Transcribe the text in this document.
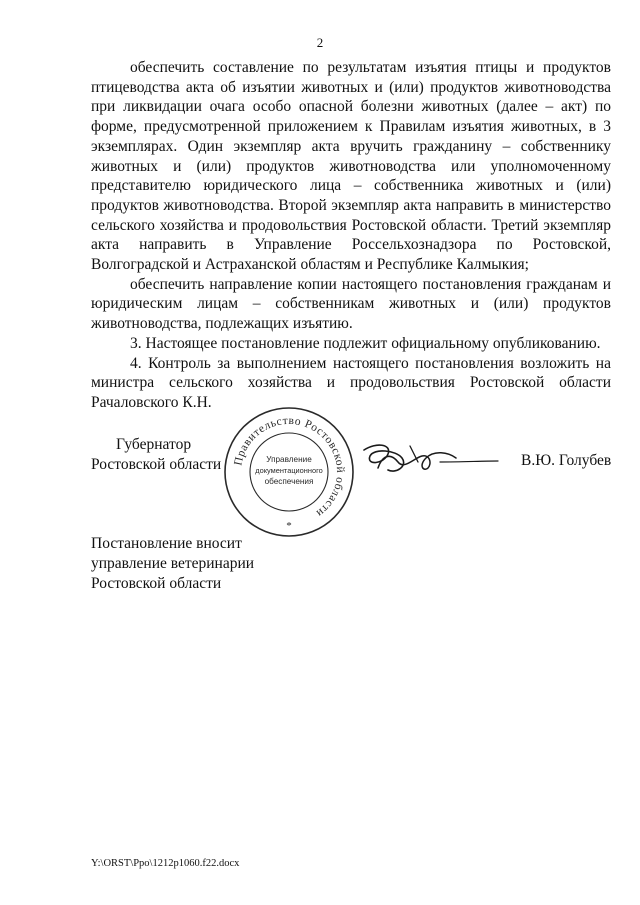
2

обеспечить составление по результатам изъятия птицы и продуктов птицеводства акта об изъятии животных и (или) продуктов животноводства при ликвидации очага особо опасной болезни животных (далее – акт) по форме, предусмотренной приложением к Правилам изъятия животных, в 3 экземплярах. Один экземпляр акта вручить гражданину – собственнику животных и (или) продуктов животноводства или уполномоченному представителю юридического лица – собственника животных и (или) продуктов животноводства. Второй экземпляр акта направить в министерство сельского хозяйства и продовольствия Ростовской области. Третий экземпляр акта направить в Управление Россельхознадзора по Ростовской, Волгоградской и Астраханской областям и Республике Калмыкия;

обеспечить направление копии настоящего постановления гражданам и юридическим лицам – собственникам животных и (или) продуктов животноводства, подлежащих изъятию.

3. Настоящее постановление подлежит официальному опубликованию.

4. Контроль за выполнением настоящего постановления возложить на министра сельского хозяйства и продовольствия Ростовской области Рачаловского К.Н.

Губернатор
Ростовской области Правительство Ростовской области
Управление
документационного
обеспечения
*
В.Ю. Голубев
Постановление вносит
управление ветеринарии
Ростовской области
Y:\ORST\Ppo\1212p1060.f22.docx
